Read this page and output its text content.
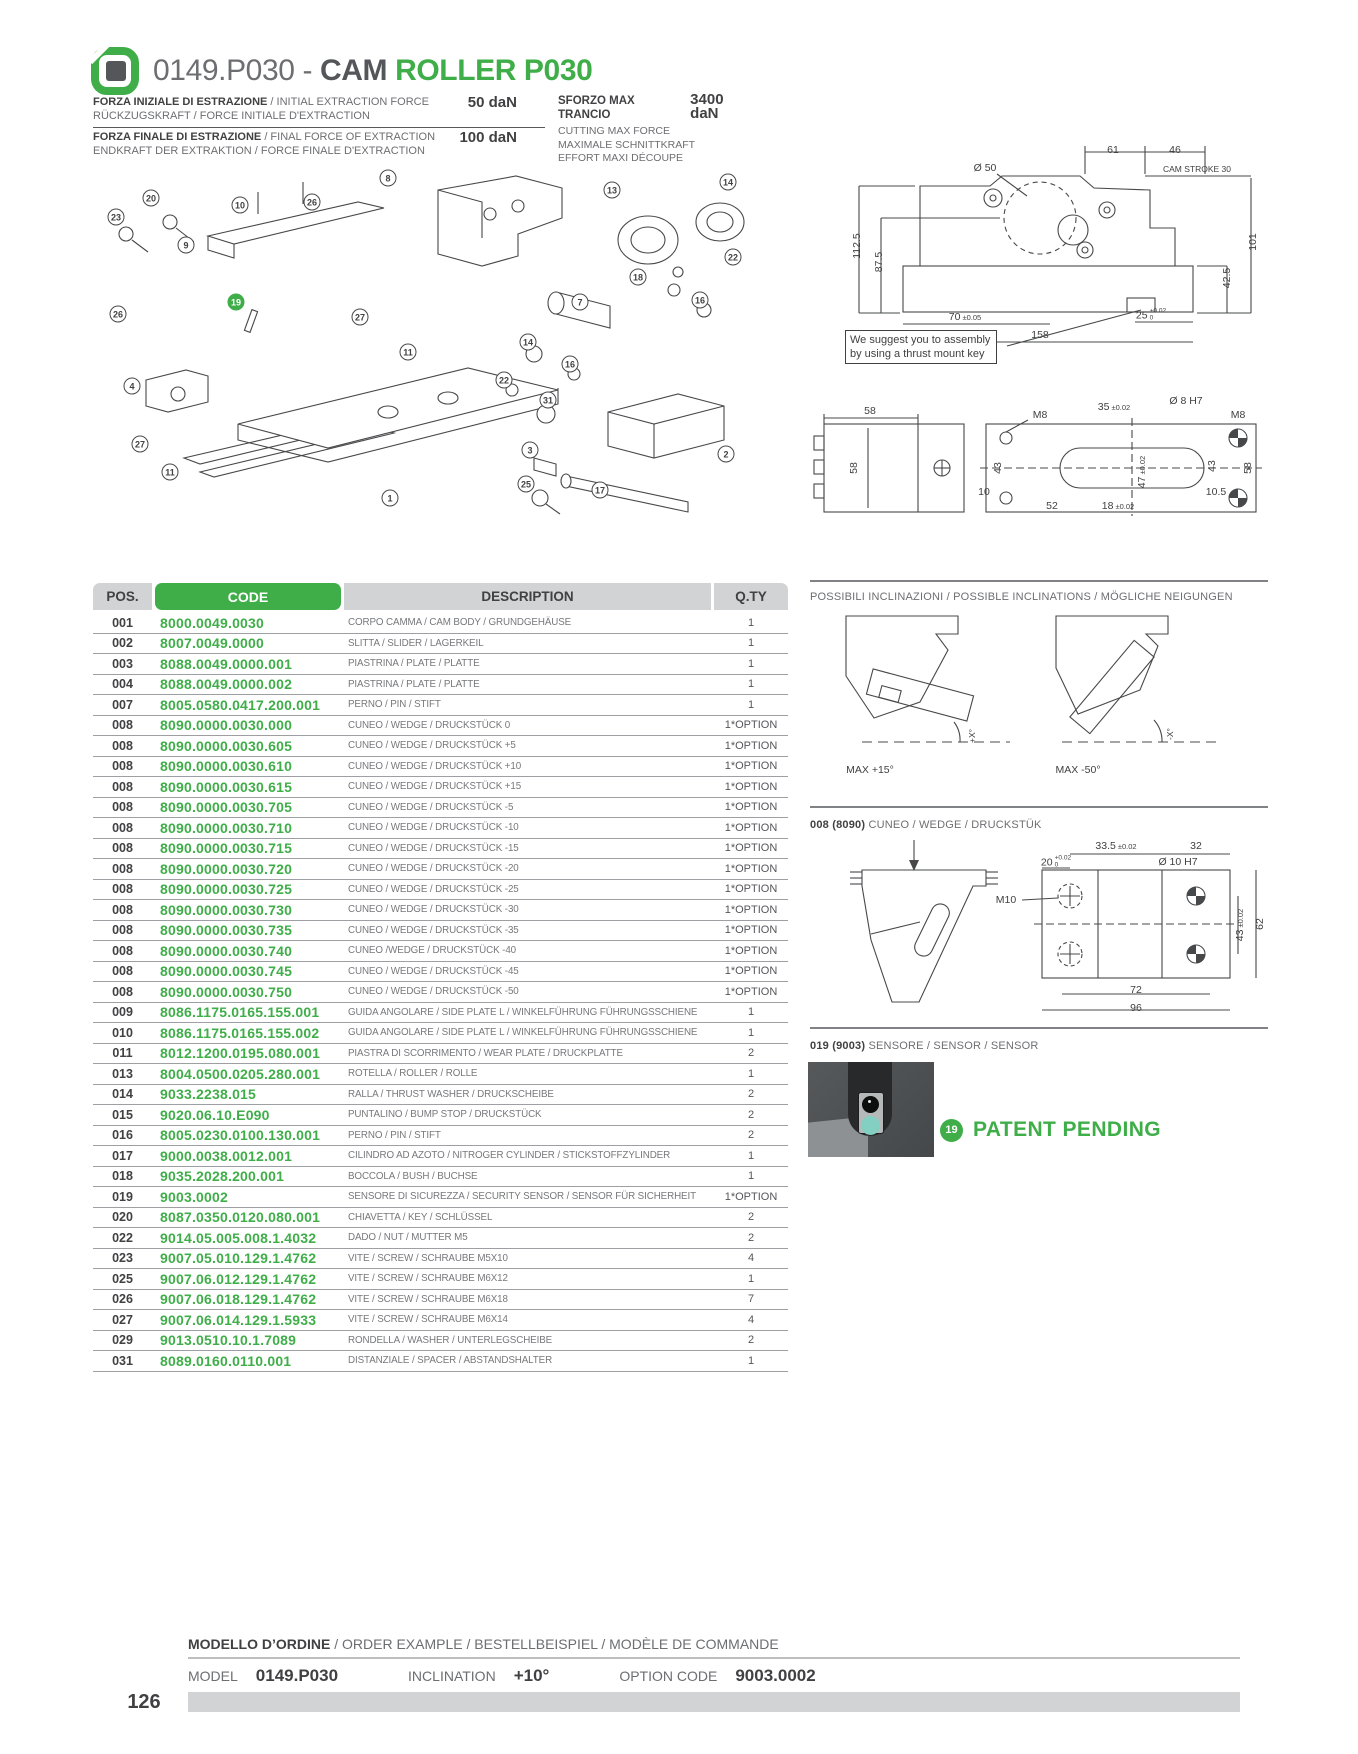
0149.P030 - CAM ROLLER P030
FORZA INIZIALE DI ESTRAZIONE / INITIAL EXTRACTION FORCE
RÜCKZUGSKRAFT / FORCE INITIALE D'EXTRACTION
50 daN
FORZA FINALE DI ESTRAZIONE / FINAL FORCE OF EXTRACTION
ENDKRAFT DER EXTRAKTION / FORCE FINALE D'EXTRACTION
100 daN
SFORZO MAX TRANCIO
3400 daN
CUTTING MAX FORCE
MAXIMALE SCHNITTKRAFT
EFFORT MAXI DÉCOUPE
8
20
10	26
23
13
14
9
22
18
16
7
19
27
26
11
14
22
16
4
31
3	2
27
11
25
17
1
We suggest you to assembly
by using a thrust mount key
Ø 50
61	46
CAM STROKE 30
112.5
87.5
101
42.5
70 ±0.05	25 +0.02
0
158
58
58
M8
35 ±0.02	Ø 8 H7
M8
43
47
±0.02	43 58
10
52	18 ±0.02
10.5
POSSIBILI INCLINAZIONI / POSSIBLE INCLINATIONS / MÖGLICHE NEIGUNGEN
MAX +15°
+X°
MAX -50°
-X°
008 (8090) CUNEO / WEDGE / DRUCKSTÜK
33.5 ±0.02	32
20 +0.02
0	Ø 10 H7
M10
43
±0.02 62
72
96
019 (9003) SENSORE / SENSOR / SENSOR
19 PATENT PENDING
POS.	CODE	DESCRIPTION	Q.TY
001	8000.0049.0030	CORPO CAMMA / CAM BODY / GRUNDGEHÄUSE	1
002	8007.0049.0000	SLITTA / SLIDER / LAGERKEIL	1
003	8088.0049.0000.001	PIASTRINA / PLATE / PLATTE	1
004	8088.0049.0000.002	PIASTRINA / PLATE / PLATTE	1
007	8005.0580.0417.200.001	PERNO / PIN / STIFT	1
008	8090.0000.0030.000	CUNEO / WEDGE / DRUCKSTÜCK 0	1*OPTION
008	8090.0000.0030.605	CUNEO / WEDGE / DRUCKSTÜCK +5	1*OPTION
008	8090.0000.0030.610	CUNEO / WEDGE / DRUCKSTÜCK +10	1*OPTION
008	8090.0000.0030.615	CUNEO / WEDGE / DRUCKSTÜCK +15	1*OPTION
008	8090.0000.0030.705	CUNEO / WEDGE / DRUCKSTÜCK -5	1*OPTION
008	8090.0000.0030.710	CUNEO / WEDGE / DRUCKSTÜCK -10	1*OPTION
008	8090.0000.0030.715	CUNEO / WEDGE / DRUCKSTÜCK -15	1*OPTION
008	8090.0000.0030.720	CUNEO / WEDGE / DRUCKSTÜCK -20	1*OPTION
008	8090.0000.0030.725	CUNEO / WEDGE / DRUCKSTÜCK -25	1*OPTION
008	8090.0000.0030.730	CUNEO / WEDGE / DRUCKSTÜCK -30	1*OPTION
008	8090.0000.0030.735	CUNEO / WEDGE / DRUCKSTÜCK -35	1*OPTION
008	8090.0000.0030.740	CUNEO /WEDGE / DRUCKSTÜCK -40	1*OPTION
008	8090.0000.0030.745	CUNEO / WEDGE / DRUCKSTÜCK -45	1*OPTION
008	8090.0000.0030.750	CUNEO / WEDGE / DRUCKSTÜCK -50	1*OPTION
009	8086.1175.0165.155.001	GUIDA ANGOLARE / SIDE PLATE L / WINKELFÜHRUNG FÜHRUNGSSCHIENE	1
010	8086.1175.0165.155.002	GUIDA ANGOLARE / SIDE PLATE L / WINKELFÜHRUNG FÜHRUNGSSCHIENE	1
011	8012.1200.0195.080.001	PIASTRA DI SCORRIMENTO / WEAR PLATE / DRUCKPLATTE	2
013	8004.0500.0205.280.001	ROTELLA / ROLLER / ROLLE	1
014	9033.2238.015	RALLA / THRUST WASHER / DRUCKSCHEIBE	2
015	9020.06.10.E090	PUNTALINO / BUMP STOP / DRUCKSTÜCK	2
016	8005.0230.0100.130.001	PERNO / PIN / STIFT	2
017	9000.0038.0012.001	CILINDRO AD AZOTO / NITROGER CYLINDER / STICKSTOFFZYLINDER	1
018	9035.2028.200.001	BOCCOLA / BUSH / BUCHSE	1
019	9003.0002	SENSORE DI SICUREZZA / SECURITY SENSOR / SENSOR FÜR SICHERHEIT	1*OPTION
020	8087.0350.0120.080.001	CHIAVETTA / KEY / SCHLÜSSEL	2
022	9014.05.005.008.1.4032	DADO / NUT / MUTTER M5	2
023	9007.05.010.129.1.4762	VITE / SCREW / SCHRAUBE M5X10	4
025	9007.06.012.129.1.4762	VITE / SCREW / SCHRAUBE M6X12	1
026	9007.06.018.129.1.4762	VITE / SCREW / SCHRAUBE M6X18	7
027	9007.06.014.129.1.5933	VITE / SCREW / SCHRAUBE M6X14	4
029	9013.0510.10.1.7089	RONDELLA / WASHER / UNTERLEGSCHEIBE	2
031	8089.0160.0110.001	DISTANZIALE / SPACER / ABSTANDSHALTER	1
MODELLO D’ORDINE / ORDER EXAMPLE / BESTELLBEISPIEL / MODÈLE DE COMMANDE
MODEL 0149.P030	INCLINATION +10°	OPTION CODE 9003.0002
126
